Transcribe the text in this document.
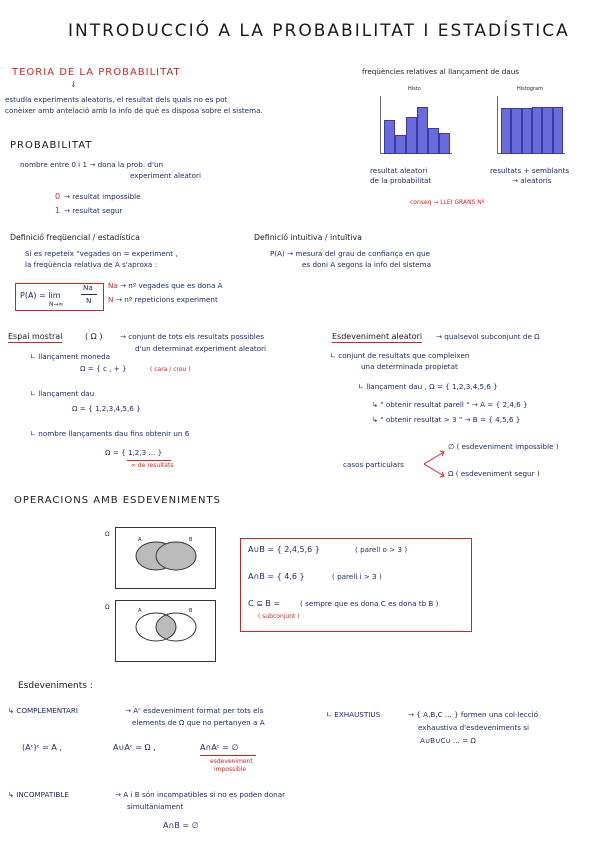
INTRODUCCIÓ A LA PROBABILITAT I ESTADÍSTICA
TEORIA DE LA PROBABILITAT
↓
estudia experiments aleatoris, el resultat dels quals no es pot
conèixer amb antelació amb la info de què es disposa sobre el sistema.
freqüències relatives al llançament de daus
Histo	Histogram
resultat aleatori
de la probabilitat
resultats + semblants
→ aleatoris
conseq → LLEI GRANS Nº
PROBABILITAT
nombre entre 0 i 1 → dona la prob. d'un
experiment aleatori
0 → resultat impossible
1 → resultat segur
Definició freqüencial / estadística
Si es repeteix "vegades on = experiment ,
la freqüència relativa de A s'aproxa :
P(A) = lim
N→∞
Na
N
Na → nº vegades que es dona A
N → nº repeticions experiment
Definició intuitiva / intuïtiva
P(A) → mesura del grau de confiança en que
es doni A segons la info del sistema
Espai mostral	( Ω ) → conjunt de tots els resultats possibles
d'un determinat experiment aleatori
∟ llançament moneda
Ω = { c , + }	( cara / creu )
∟ llançament dau
Ω = { 1,2,3,4,5,6 }
∟ nombre llançaments dau fins obtenir un 6
Ω = { 1,2,3 ... }
∞ de resultats
Esdeveniment aleatori → qualsevol subconjunt de Ω
∟ conjunt de resultats que compleixen
una determinada propietat
∟ llançament dau , Ω = { 1,2,3,4,5,6 }
↳ " obtenir resultat parell " → A = { 2,4,6 }
↳ " obtenir resultat > 3 " → B = { 4,5,6 }
casos particulars
∅ ( esdeveniment impossible )
Ω ( esdeveniment segur )
OPERACIONS AMB ESDEVENIMENTS
A	B
Ω
A	B
Ω
A∪B = { 2,4,5,6 }	( parell o > 3 )
A∩B = { 4,6 }	( parell i > 3 )
C ⊆ B =	( sempre que es dona C es dona tb B )
( subconjunt )
Esdeveniments :
↳ COMPLEMENTARI	→ Aᶜ esdeveniment format per tots els
elements de Ω que no pertanyen a A
(Aᶜ)ᶜ = A ,	A∪Aᶜ = Ω ,	A∩Aᶜ = ∅
esdeveniment
impossible
∟ EXHAUSTIUS	→ { A,B,C ... } formen una col·lecció
exhaustiva d'esdeveniments si
A∪B∪C∪ ... = Ω
↳ INCOMPATIBLE	→ A i B són incompatibles si no es poden donar
simultàniament
A∩B = ∅
